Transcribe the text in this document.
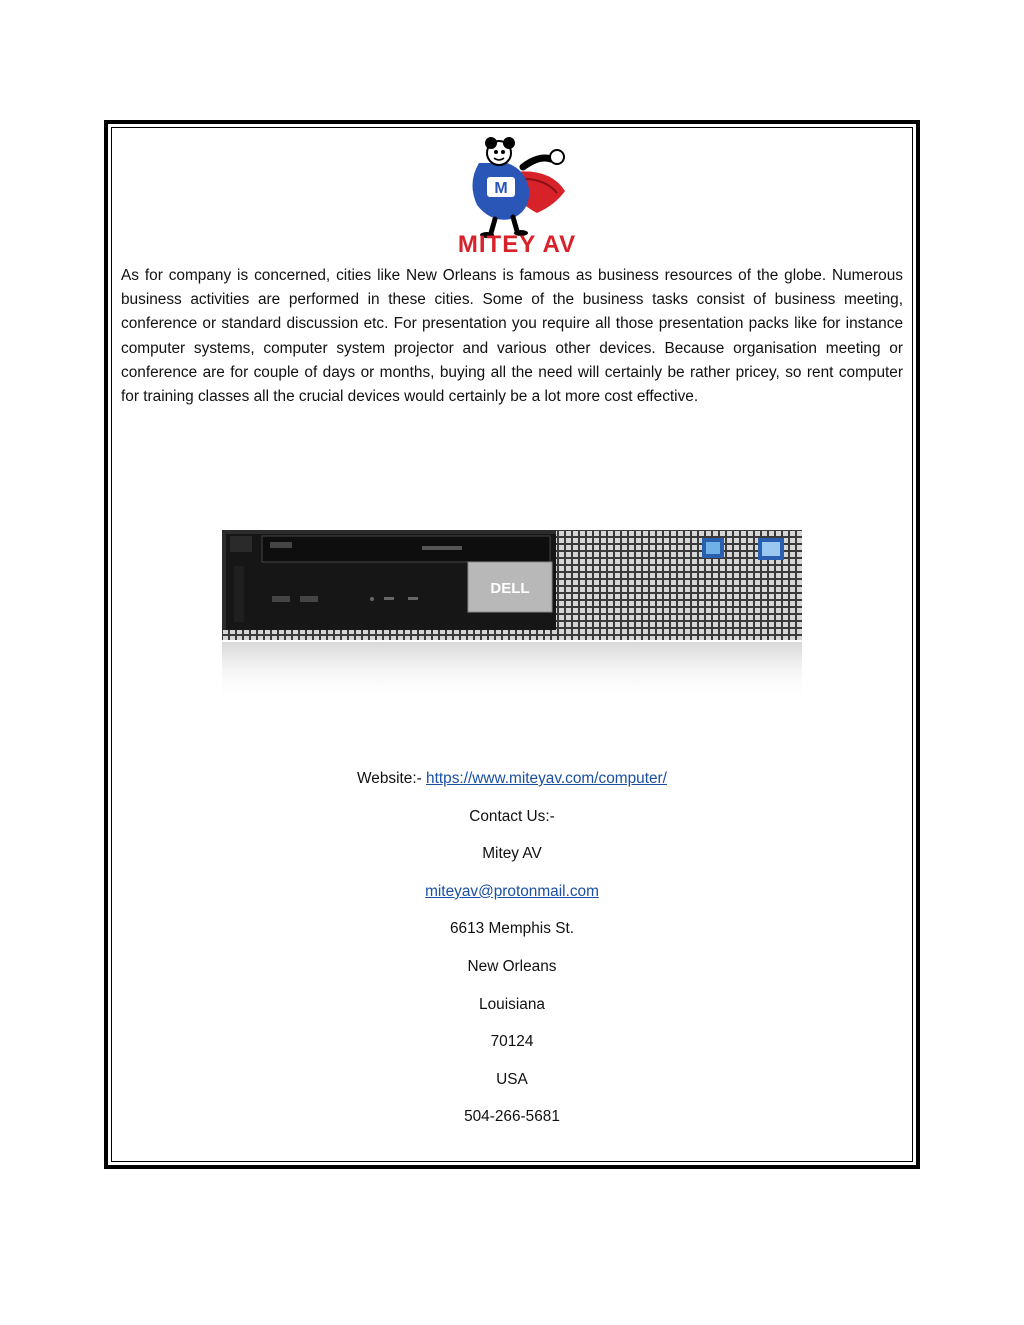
M
MITEY AV

As for company is concerned, cities like New Orleans is famous as business resources of the globe. Numerous business activities are performed in these cities. Some of the business tasks consist of business meeting, conference or standard discussion etc. For presentation you require all those presentation packs like for instance computer systems, computer system projector and various other devices. Because organisation meeting or conference are for couple of days or months, buying all the need will certainly be rather pricey, so rent computer for training classes all the crucial devices would certainly be a lot more cost effective.

DELL
Website:- https://www.miteyav.com/computer/
Contact Us:-
Mitey AV
miteyav@protonmail.com
6613 Memphis St.
New Orleans
Louisiana
70124
USA
504-266-5681
